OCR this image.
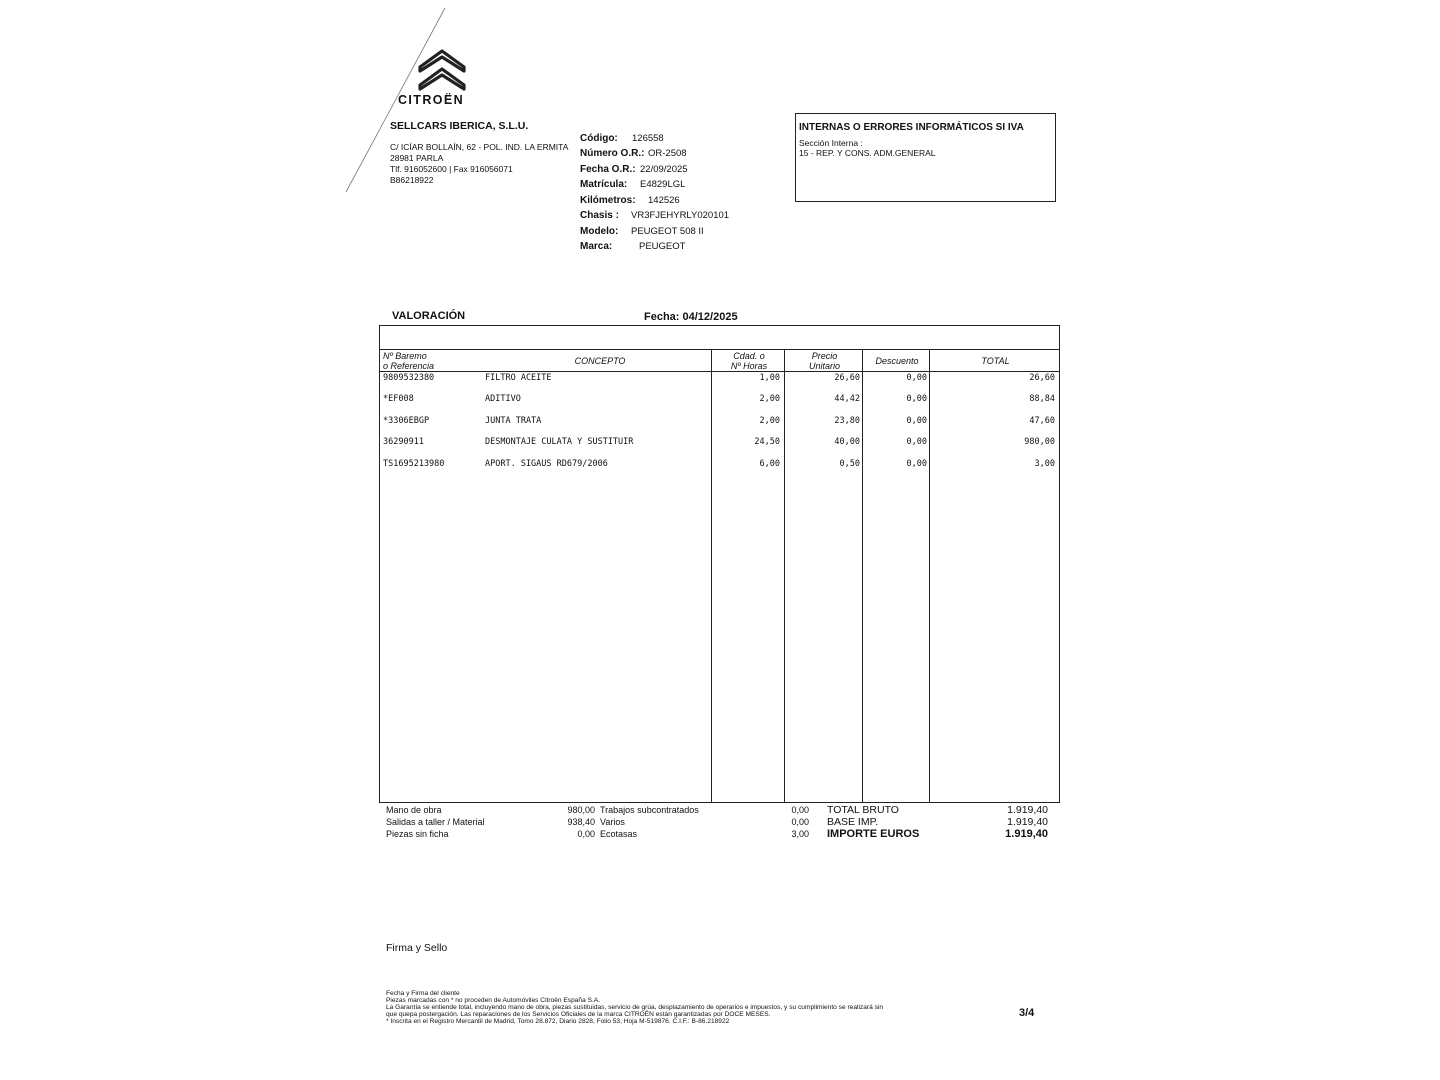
CITROËN
SELLCARS IBERICA, S.L.U.
C/ ICÍAR BOLLAÍN, 62 - POL. IND. LA ERMITA
28981 PARLA
Tlf. 916052600 | Fax 916056071
B86218922
Código: 126558
Número O.R.: OR-2508
Fecha O.R.: 22/09/2025
Matrícula: E4829LGL
Kilómetros: 142526
Chasis : VR3FJEHYRLY020101
Modelo: PEUGEOT 508 II
Marca:	PEUGEOT
INTERNAS O ERRORES INFORMÁTICOS SI IVA
Sección Interna :
15 - REP. Y CONS. ADM.GENERAL
VALORACIÓN	Fecha: 04/12/2025
Nº Baremo
o Referencia	CONCEPTO	Cdad. o
Nº Horas
Precio
Unitario	Descuento	TOTAL
9809532380	FILTRO ACEITE	1,00	26,60	0,00	26,60
*EF008	ADITIVO	2,00	44,42	0,00	88,84
*3306EBGP	JUNTA TRATA	2,00	23,80	0,00	47,60
36290911	DESMONTAJE CULATA Y SUSTITUIR	24,50	40,00	0,00	980,00
TS1695213980	APORT. SIGAUS RD679/2006	6,00	0,50	0,00	3,00
Mano de obra	980,00
Salidas a taller / Material	938,40
Piezas sin ficha	0,00
Trabajos subcontratados	0,00
Varios	0,00
Ecotasas	3,00
TOTAL BRUTO	1.919,40
BASE IMP.	1.919,40
IMPORTE EUROS	1.919,40
Firma y Sello
Fecha y Firma del cliente
Piezas marcadas con * no proceden de Automóviles Citroën España S.A.
La Garantía se entiende total, incluyendo mano de obra, piezas sustituidas, servicio de grúa, desplazamiento de operarios e impuestos, y su cumplimiento se realizará sin
que quepa postergación. Las reparaciones de los Servicios Oficiales de la marca CITROËN están garantizadas por DOCE MESES.
* Inscrita en el Registro Mercantil de Madrid, Tomo 28.872, Diario 2828, Folio 53, Hoja M-519876. C.I.F.: B-86.218922
3/4
